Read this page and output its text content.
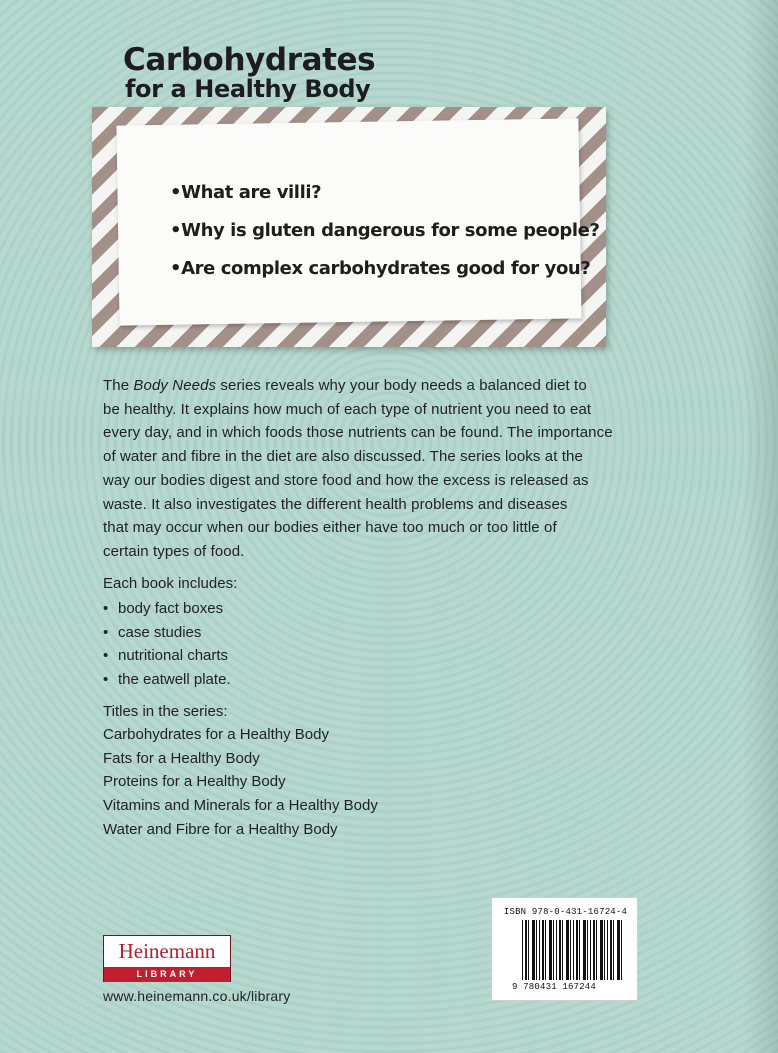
Carbohydrates
for a Healthy Body
• What are villi?
• Why is gluten dangerous for some people?
• Are complex carbohydrates good for you?
The Body Needs series reveals why your body needs a balanced diet to
be healthy. It explains how much of each type of nutrient you need to eat
every day, and in which foods those nutrients can be found. The importance
of water and fibre in the diet are also discussed. The series looks at the
way our bodies digest and store food and how the excess is released as
waste. It also investigates the different health problems and diseases
that may occur when our bodies either have too much or too little of
certain types of food.
Each book includes:
• body fact boxes
• case studies
• nutritional charts
• the eatwell plate.
Titles in the series:
Carbohydrates for a Healthy Body
Fats for a Healthy Body
Proteins for a Healthy Body
Vitamins and Minerals for a Healthy Body
Water and Fibre for a Healthy Body
ISBN 978-0-431-16724-4
9 780431 167244
Heinemann
LIBRARY
www.heinemann.co.uk/library
